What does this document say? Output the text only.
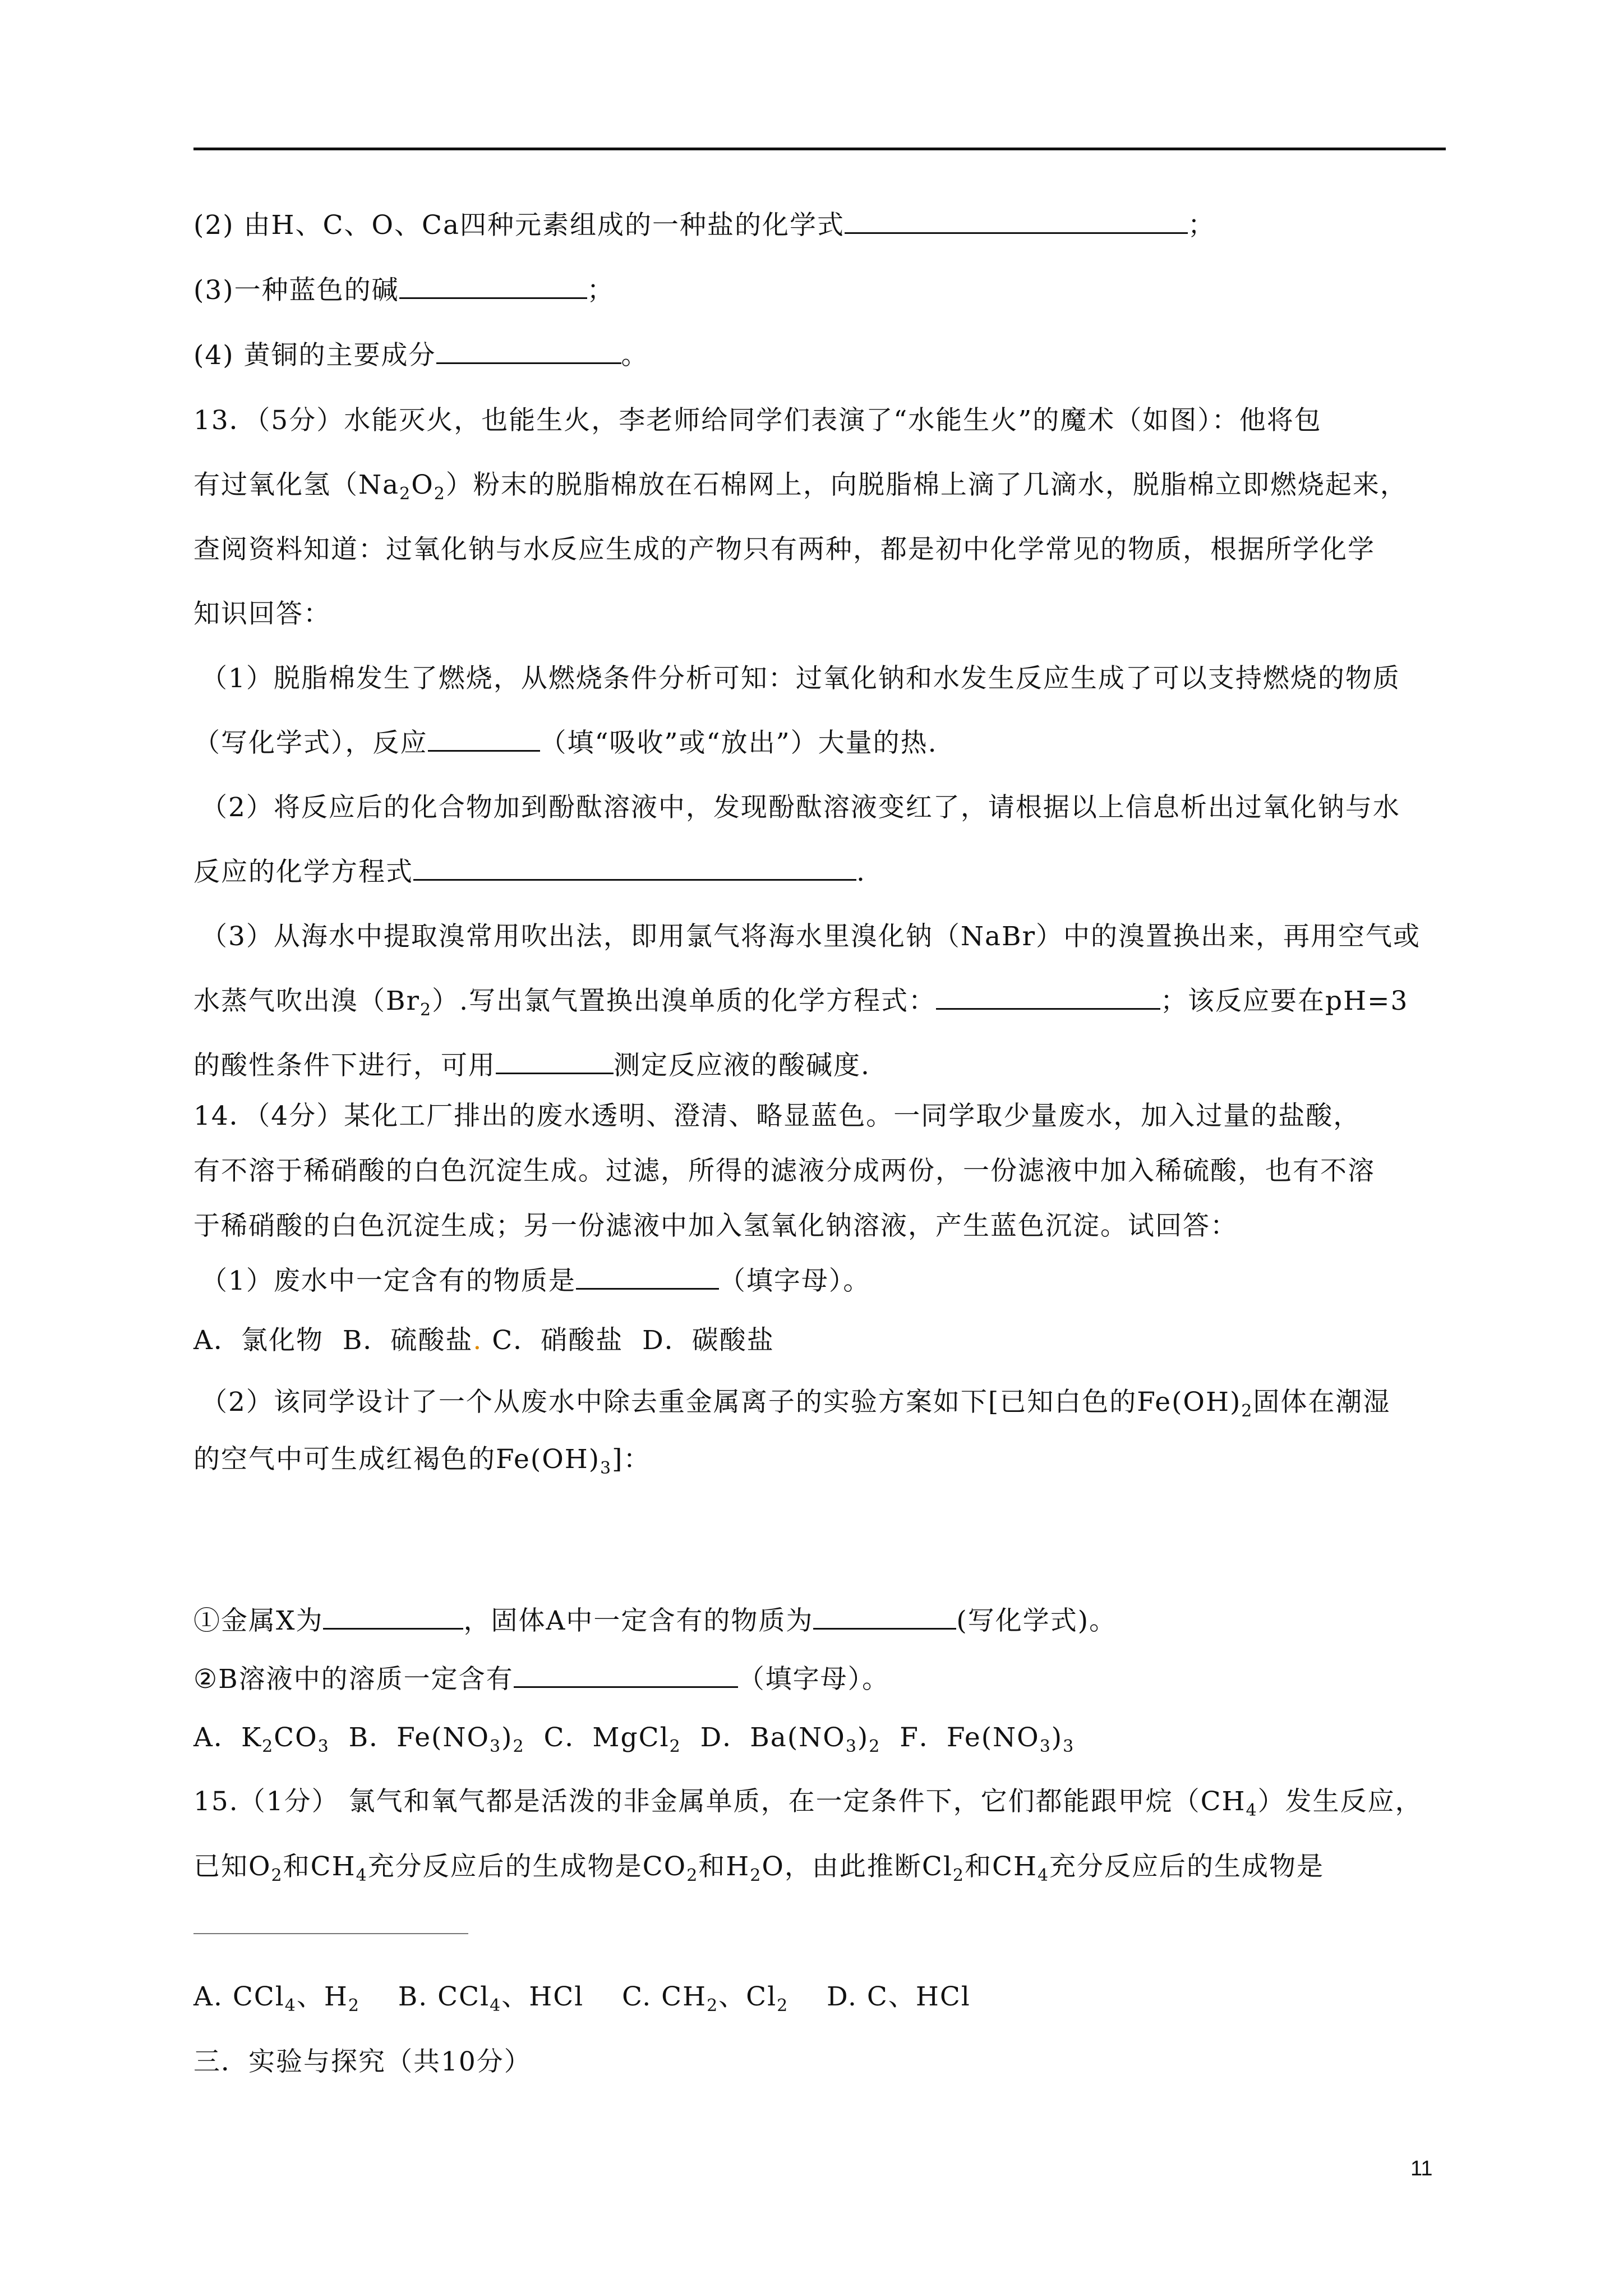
(2) 由H、C、O、Ca四种元素组成的一种盐的化学式	；
(3)一种蓝色的碱	；
(4) 黄铜的主要成分	。
13．（5分）水能灭火，也能生火，李老师给同学们表演了“水能生火”的魔术（如图）：他将包
有过氧化氢$(Na_2O_2)$粉末的脱脂棉放在石棉网上，向脱脂棉上滴了几滴水，脱脂棉立即燃烧起来，
查阅资料知道：过氧化钠与水反应生成的产物只有两种，都是初中化学常见的物质，根据所学化学
知识回答：
（1）脱脂棉发生了燃烧，从燃烧条件分析可知：过氧化钠和水发生反应生成了可以支持燃烧的物质
（写化学式），反应	（填“吸收”或“放出”）大量的热.
（2）将反应后的化合物加到酚酞溶液中，发现酚酞溶液变红了，请根据以上信息析出过氧化钠与水
反应的化学方程式	.
（3）从海水中提取溴常用吹出法，即用氯气将海水里溴化钠（NaBr）中的溴置换出来，再用空气或
水蒸气吹出溴$(Br_2)$.写出氯气置换出溴单质的化学方程式：	；该反应要在pH=3
的酸性条件下进行，可用	测定反应液的酸碱度.
14．（4分）某化工厂排出的废水透明、澄清、略显蓝色。一同学取少量废水，加入过量的盐酸，
有不溶于稀硝酸的白色沉淀生成。过滤，所得的滤液分成两份，一份滤液中加入稀硫酸，也有不溶
于稀硝酸的白色沉淀生成；另一份滤液中加入氢氧化钠溶液，产生蓝色沉淀。试回答：
（1）废水中一定含有的物质是	（填字母）。
A．氯化物  B．硫酸盐. C．硝酸盐  D．碳酸盐
（2）该同学设计了一个从废水中除去重金属离子的实验方案如下[已知白色的$Fe(OH)_2$固体在潮湿
的空气中可生成红褐色的$Fe(OH)_3$]：
①金属X为	，固体A中一定含有的物质为	(写化学式)。
②B溶液中的溶质一定含有	（填字母）。
A．$K_2CO_3$  B．$Fe(NO_3)_2$  C．MgCl$_2$  D．$Ba(NO_3)_2$  F．$Fe(NO_3)_3$
15.（1分） 氯气和氧气都是活泼的非金属单质，在一定条件下，它们都能跟甲烷$(CH_4)$发生反应，
已知$O_2$和$CH_4$充分反应后的生成物是$CO_2$和$H_2O$，由此推断$Cl_2$和$CH_4$充分反应后的生成物是
A. CCl$_4$、$H_2$    B. CCl$_4$、HCl    C. $CH_2$、$Cl_2$    D. C、HCl
三．实验与探究（共10分）
11
